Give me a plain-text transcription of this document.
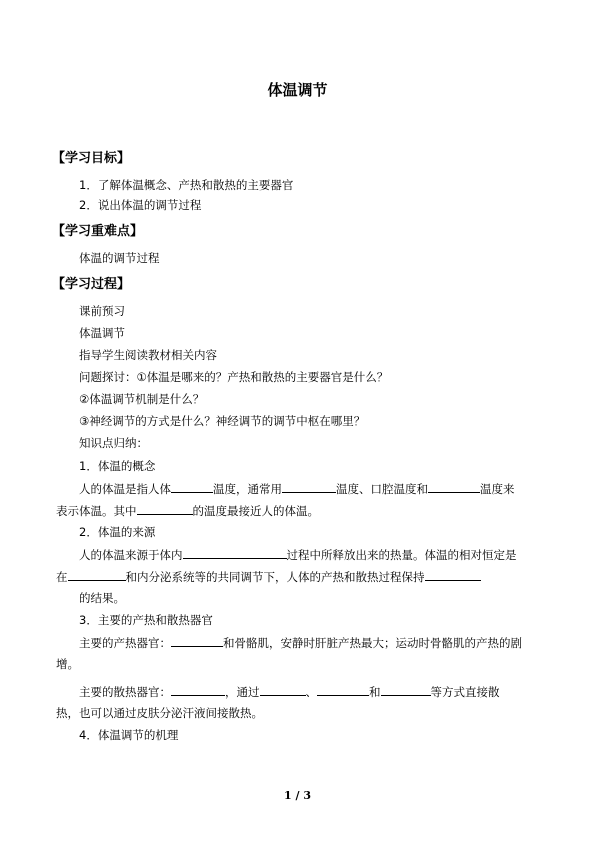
体温调节
【学习目标】
1．了解体温概念、产热和散热的主要器官
2．说出体温的调节过程
【学习重难点】
体温的调节过程
【学习过程】
课前预习
体温调节
指导学生阅读教材相关内容
问题探讨：①体温是哪来的？产热和散热的主要器官是什么？
②体温调节机制是什么？
③神经调节的方式是什么？神经调节的调节中枢在哪里？
知识点归纳：
1．体温的概念
人的体温是指人体	温度，通常用	温度、口腔温度和	温度来
表示体温。其中	的温度最接近人的体温。
2．体温的来源
人的体温来源于体内	过程中所释放出来的热量。体温的相对恒定是
在	和内分泌系统等的共同调节下，人体的产热和散热过程保持
的结果。
3．主要的产热和散热器官
主要的产热器官：	和骨骼肌，安静时肝脏产热最大；运动时骨骼肌的产热的剧
增。
主要的散热器官：	，通过	、	和	等方式直接散
热，也可以通过皮肤分泌汗液间接散热。
4．体温调节的机理
1 / 3
